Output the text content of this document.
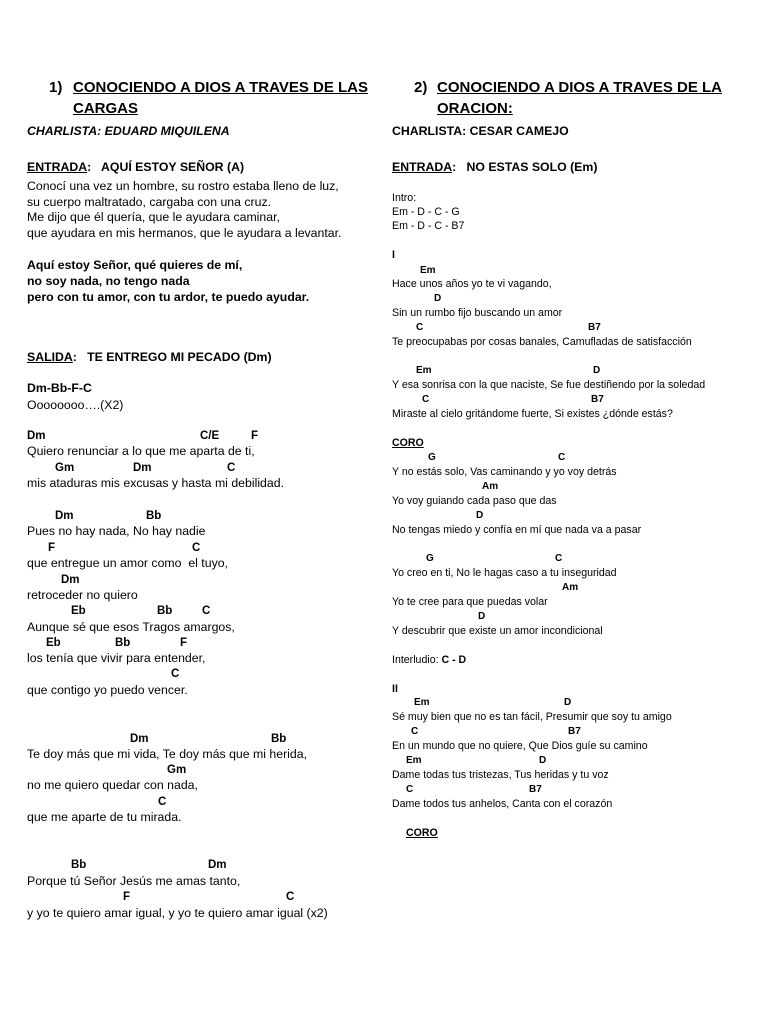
1) CONOCIENDO A DIOS A TRAVES DE LAS
CARGAS
CHARLISTA: EDUARD MIQUILENA
ENTRADA:   AQUÍ ESTOY SEÑOR (A)
Conocí una vez un hombre, su rostro estaba lleno de luz,
su cuerpo maltratado, cargaba con una cruz.
Me dijo que él quería, que le ayudara caminar,
que ayudara en mis hermanos, que le ayudara a levantar.
Aquí estoy Señor, qué quieres de mí,
no soy nada, no tengo nada
pero con tu amor, con tu ardor, te puedo ayudar.
SALIDA:   TE ENTREGO MI PECADO (Dm)
Dm-Bb-F-C
Oooooooo….(X2)
Dm	C/E	F
Quiero renunciar a lo que me aparta de ti,
Gm	Dm	C
mis ataduras mis excusas y hasta mi debilidad.
Dm	Bb
Pues no hay nada, No hay nadie
F	C
que entregue un amor como  el tuyo,
Dm
retroceder no quiero
Eb	Bb	C
Aunque sé que esos Tragos amargos,
Eb	Bb	F
los tenía que vivir para entender,
C
que contigo yo puedo vencer.
Dm	Bb
Te doy más que mi vida, Te doy más que mi herida,
Gm
no me quiero quedar con nada,
C
que me aparte de tu mirada.
Bb	Dm
Porque tú Señor Jesús me amas tanto,
F	C
y yo te quiero amar igual, y yo te quiero amar igual (x2)
2) CONOCIENDO A DIOS A TRAVES DE LA
ORACION:
CHARLISTA: CESAR CAMEJO
ENTRADA:   NO ESTAS SOLO (Em)
Intro:
Em - D - C - G
Em - D - C - B7
I
Em
Hace unos años yo te vi vagando,
D
Sin un rumbo fijo buscando un amor
C	B7
Te preocupabas por cosas banales, Camufladas de satisfacción
Em	D
Y esa sonrisa con la que naciste, Se fue destiñendo por la soledad
C	B7
Miraste al cielo gritándome fuerte, Si existes ¿dónde estás?
CORO
G	C
Y no estás solo, Vas caminando y yo voy detrás
Am
Yo voy guiando cada paso que das
D
No tengas miedo y confía en mí que nada va a pasar
G	C
Yo creo en ti, No le hagas caso a tu inseguridad
Am
Yo te cree para que puedas volar
D
Y descubrir que existe un amor incondicional
Interludio: C - D
II
Em	D
Sé muy bien que no es tan fácil, Presumir que soy tu amigo
C	B7
En un mundo que no quiere, Que Dios guíe su camino
Em	D
Dame todas tus tristezas, Tus heridas y tu voz
C	B7
Dame todos tus anhelos, Canta con el corazón
CORO
